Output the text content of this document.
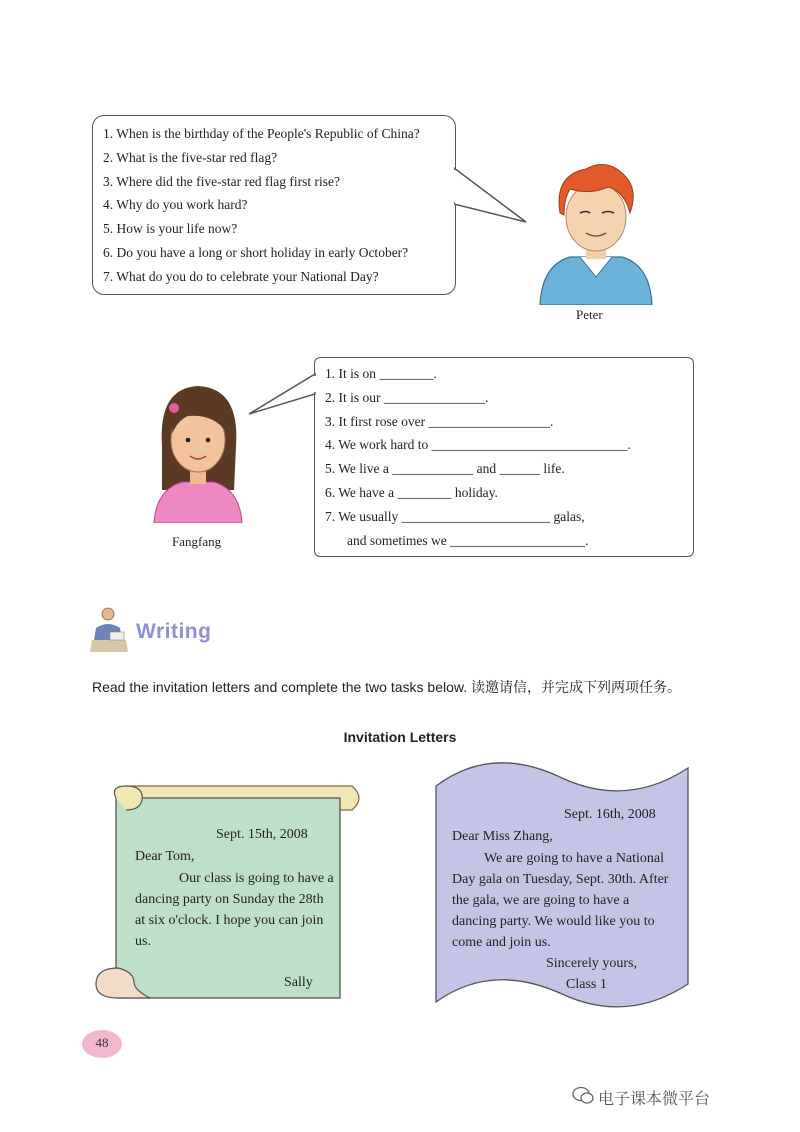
1. When is the birthday of the People's Republic of China?
2. What is the five-star red flag?
3. Where did the five-star red flag first rise?
4. Why do you work hard?
5. How is your life now?
6. Do you have a long or short holiday in early October?
7. What do you do to celebrate your National Day?
Peter
1. It is on ________.
2. It is our _______________.
3. It first rose over __________________.
4. We work hard to _____________________________.
5. We live a ____________ and ______ life.
6. We have a ________ holiday.
7. We usually ______________________ galas,
and sometimes we ____________________.
Fangfang
Writing
Read the invitation letters and complete the two tasks below. 读邀请信，并完成下列两项任务。
Invitation Letters
Sept. 15th, 2008
Dear Tom,
Our class is going to have a dancing party on Sunday the 28th at six o'clock. I hope you can join us.
Sally
Sept. 16th, 2008
Dear Miss Zhang,
We are going to have a National Day gala on Tuesday, Sept. 30th. After the gala, we are going to have a dancing party. We would like you to come and join us.
Sincerely yours,
Class 1
48
电子课本微平台
